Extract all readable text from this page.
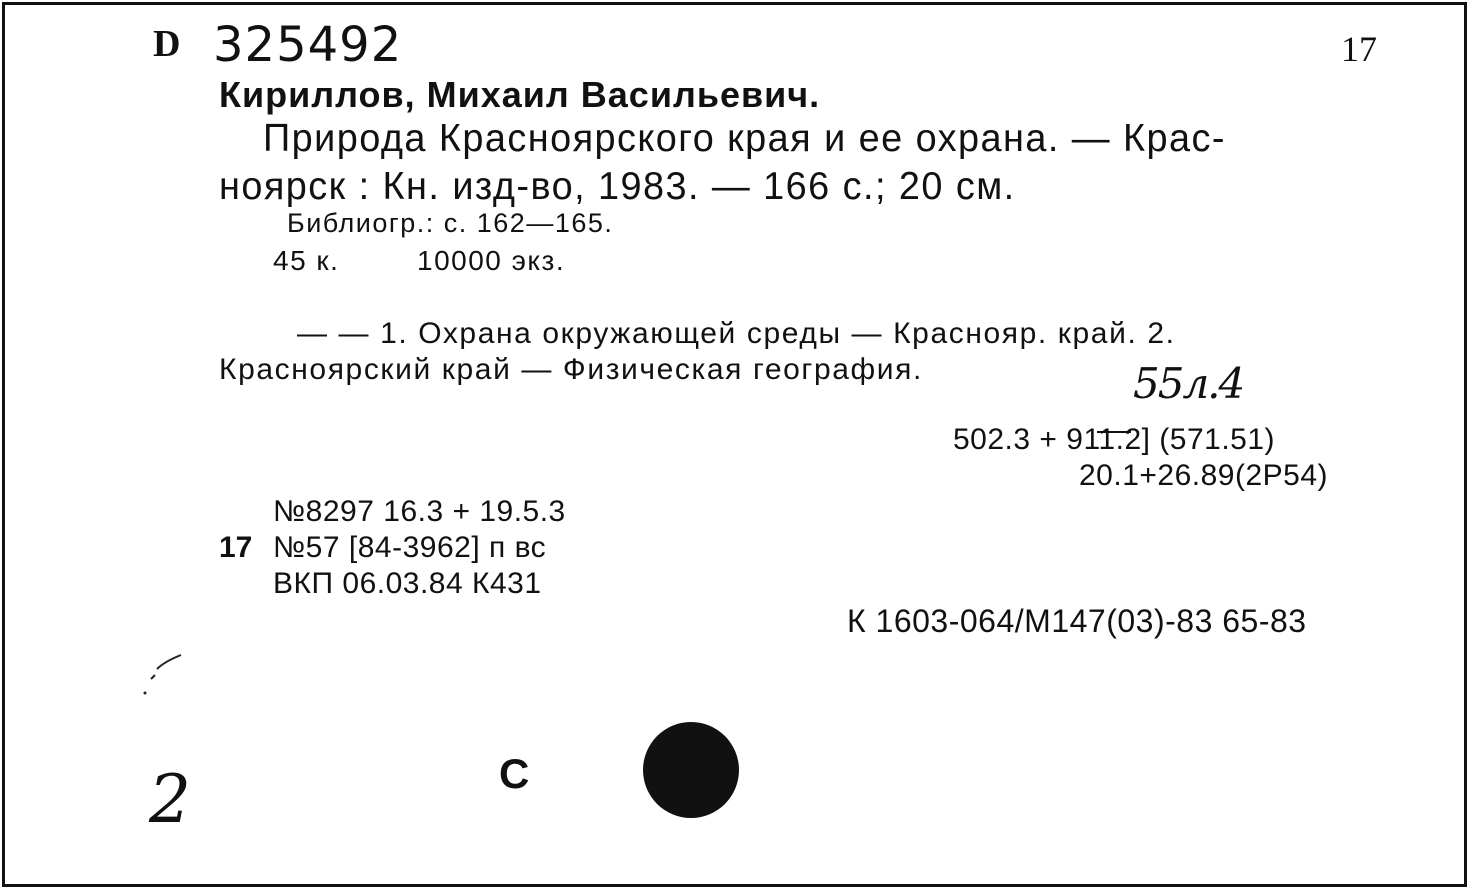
D 325492	17
Кириллов, Михаил Васильевич.
Природа Красноярского края и ее охрана. — Крас-
ноярск : Кн. изд-во, 1983. — 166 с.; 20 см.
Библиогр.: с. 162—165.
45 к.	10000 экз.
— — 1. Охрана окружающей среды — Краснояр. край. 2.
Красноярский край — Физическая география.	55л.4
502.3 + 911.2] (571.51)
20.1+26.89(2Р54)
№8297 16.3 + 19.5.3
17 №57 [84-3962] п вс
ВКП 06.03.84 К431
К 1603-064/М147(03)-83 65-83
2	С
